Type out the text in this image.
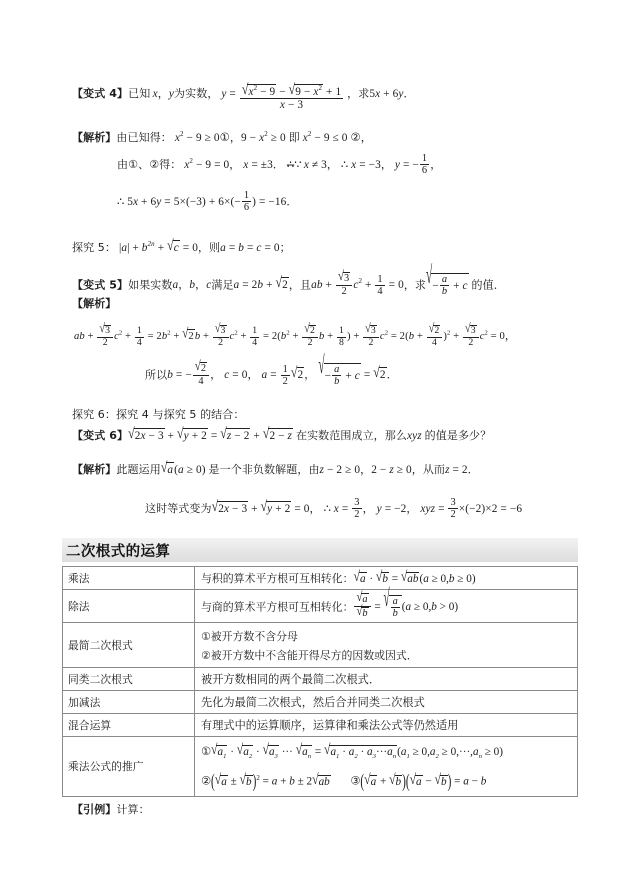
【变式 4】已知 x，y为实数， $y = \frac{√x^2 - 9 - √9 - x^2 + 1}{x - 3}$ ，求5x + 6y．
【解析】由已知得： $x^2 - 9$ ≥ 0①，$9 - x^2 \ge 0$ 即 $x^2 - 9 \le 0$ ②，
由①、②得： $x^2 - 9 = 0$， x = ±3． ∴̶∵ x ≠ 3， ∴ x = −3， y = − $\frac{1}{6}$ ，
∴ $5x + 6y = 5\times(-3) + 6\times(- \frac{1}{6}$ ) = −16．
探究 5： $|a| + b^{2n} + √c = 0$，则a = b = c = 0；
【变式 5】如果实数a，b，c满足a = 2b + √2，且ab + $\frac{√3}{2} c^2 + \frac{1}{4} = 0$，求√− $\frac{a}{b} + c$ 的值．
【解析】
ab + $\frac{√3}{2} c^2 + \frac{1}{4} = 2b^2 + √2b + \frac{√3}{2} c^2 + \frac{1}{4} = 2(b^2 + \frac{√2}{2}$ $b + \frac{1}{8}$ ) + $\frac{√3}{2} c^2 = 2(b + \frac{√2}{4} )^2 + \frac{√3}{2} c^2 = 0$，
所以b = − $\frac{√2}{4}$ ， c = 0， $a = \frac{1}{2} √2$， √− $\frac{a}{b} + c = √2$．
探究 6：探究 4 与探究 5 的结合：
【变式 6】√2x − 3 + √y + 2 = √z − 2 + √2 − z 在实数范围成立，那么xyz 的值是多少？
【解析】此题运用√a(a ≥ 0) 是一个非负数解题，由z − 2 ≥ 0，2 − z ≥ 0，从而z = 2．
这时等式变为√2x − 3 + √y + 2 = 0， ∴ $x = \frac{3}{2}$ ， y = −2， xyz = $\frac{3}{2} \times(-2)\times 2 = -6$
二次根式的运算
乘法	与积的算术平方根可互相转化：√a · √b = √ab(a ≥ 0,b ≥ 0)
除法	与商的算术平方根可互相转化： $\frac{√a}{√b}$ = √ $\frac{a}{b} (a \ge 0,b > 0)$
最简二次根式	①被开方数不含分母
②被开方数中不含能开得尽方的因数或因式．

同类二次根式	被开方数相同的两个最简二次根式．
加减法	先化为最简二次根式，然后合并同类二次根式
混合运算	有理式中的运算顺序，运算律和乘法公式等仍然适用
乘法公式的推广	$①√a_1 \cdot √a_2 \cdot √a_3$ ··· $√a_n = √a_1 \cdot a_2 \cdot a_3\cdot\cdot\cdot a_n(a_1 \ge 0,a_2 \ge 0,\cdot\cdot\cdot,a_n \ge 0)$
②(√a ± √b)$^2$ = a + b ± 2√ab ③(√a + √b)(√a − √b) = a − b
【引例】计算：
